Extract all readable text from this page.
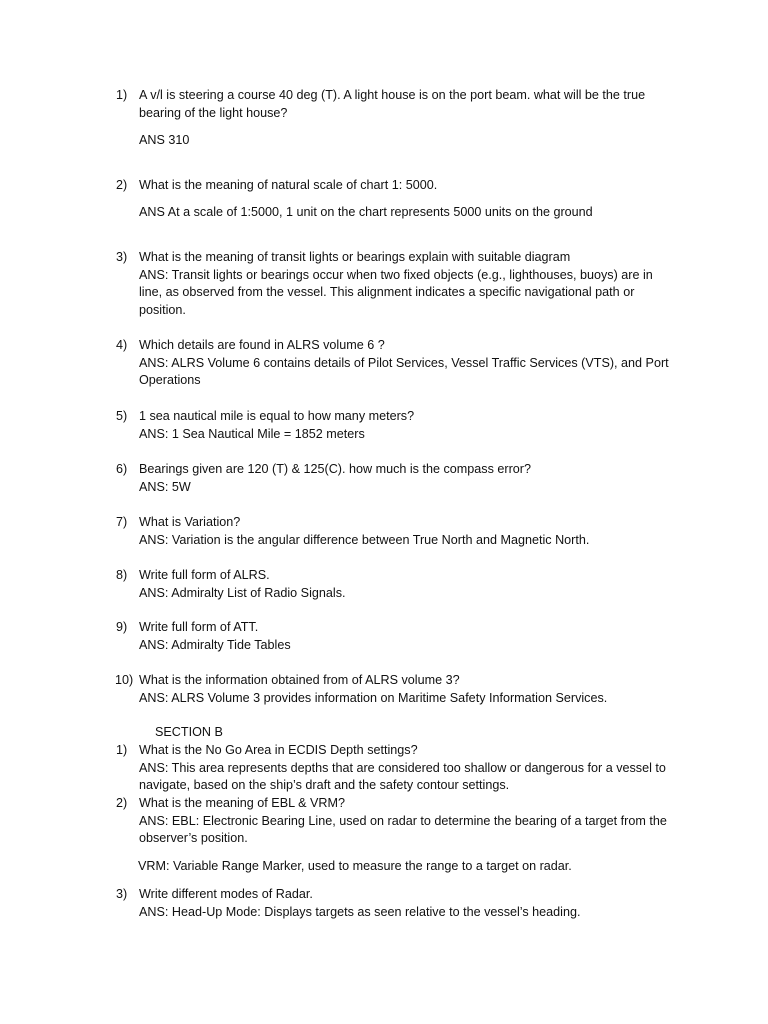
1) A v/l is steering a course 40 deg (T). A light house is on the port beam. what will be the true bearing of the light house?
ANS 310
2) What is the meaning of natural scale of chart 1: 5000.
ANS At a scale of 1:5000, 1 unit on the chart represents 5000 units on the ground
3) What is the meaning of transit lights or bearings explain with suitable diagram
ANS: Transit lights or bearings occur when two fixed objects (e.g., lighthouses, buoys) are in line, as observed from the vessel. This alignment indicates a specific navigational path or position.
4) Which details are found in ALRS volume 6 ?
ANS: ALRS Volume 6 contains details of Pilot Services, Vessel Traffic Services (VTS), and Port Operations
5) 1 sea nautical mile is equal to how many meters?
ANS: 1 Sea Nautical Mile = 1852 meters
6) Bearings given are 120 (T) & 125(C). how much is the compass error?
ANS: 5W
7) What is Variation?
ANS: Variation is the angular difference between True North and Magnetic North.
8) Write full form of ALRS.
ANS: Admiralty List of Radio Signals.
9) Write full form of ATT.
ANS: Admiralty Tide Tables
10) What is the information obtained from of ALRS volume 3?
ANS: ALRS Volume 3 provides information on Maritime Safety Information Services.
SECTION B
1) What is the No Go Area in ECDIS Depth settings?
ANS: This area represents depths that are considered too shallow or dangerous for a vessel to navigate, based on the ship’s draft and the safety contour settings.
2) What is the meaning of EBL & VRM?
ANS: EBL: Electronic Bearing Line, used on radar to determine the bearing of a target from the observer’s position.
VRM: Variable Range Marker, used to measure the range to a target on radar.
3) Write different modes of Radar.
ANS: Head-Up Mode: Displays targets as seen relative to the vessel’s heading.
